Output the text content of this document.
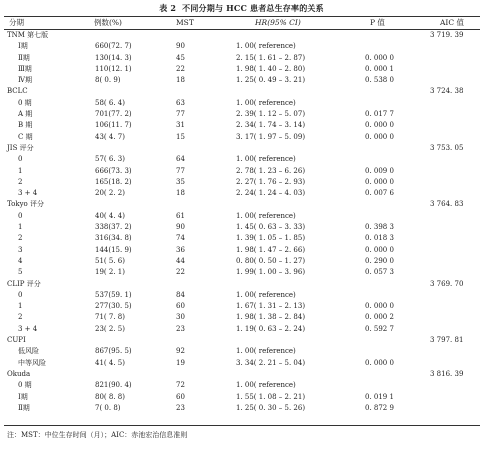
表 2 不同分期与 HCC 患者总生存率的关系
分期	例数(%)	MST	HR(95% CI)	P 值	AIC 值
TNM 第七版	3 719. 39
Ⅰ期	660(72. 7)	90	1. 00( reference)
Ⅱ期	130(14. 3)	45	2. 15( 1. 61 – 2. 87)	0. 000 0
Ⅲ期	110(12. 1)	22	1. 98( 1. 40 – 2. 80)	0. 000 1
Ⅳ期	8( 0. 9)	18	1. 25( 0. 49 – 3. 21)	0. 538 0
BCLC	3 724. 38
0 期	58( 6. 4)	63	1. 00( reference)
A 期	701(77. 2)	77	2. 39( 1. 12 – 5. 07)	0. 017 7
B 期	106(11. 7)	31	2. 34( 1. 74 – 3. 14)	0. 000 0
C 期	43( 4. 7)	15	3. 17( 1. 97 – 5. 09)	0. 000 0
JIS 评分	3 753. 05
0	57( 6. 3)	64	1. 00( reference)
1	666(73. 3)	77	2. 78( 1. 23 – 6. 26)	0. 009 0
2	165(18. 2)	35	2. 27( 1. 76 – 2. 93)	0. 000 0
3 + 4	20( 2. 2)	18	2. 24( 1. 24 – 4. 03)	0. 007 6
Tokyo 评分	3 764. 83
0	40( 4. 4)	61	1. 00( reference)
1	338(37. 2)	90	1. 45( 0. 63 – 3. 33)	0. 398 3
2	316(34. 8)	74	1. 39( 1. 05 – 1. 85)	0. 018 3
3	144(15. 9)	36	1. 98( 1. 47 – 2. 66)	0. 000 0
4	51( 5. 6)	44	0. 80( 0. 50 – 1. 27)	0. 290 0
5	19( 2. 1)	22	1. 99( 1. 00 – 3. 96)	0. 057 3
CLIP 评分	3 769. 70
0	537(59. 1)	84	1. 00( reference)
1	277(30. 5)	60	1. 67( 1. 31 – 2. 13)	0. 000 0
2	71( 7. 8)	30	1. 98( 1. 38 – 2. 84)	0. 000 2
3 + 4	23( 2. 5)	23	1. 19( 0. 63 – 2. 24)	0. 592 7
CUPI	3 797. 81
低风险	867(95. 5)	92	1. 00( reference)
中等风险	41( 4. 5)	19	3. 34( 2. 21 – 5. 04)	0. 000 0
Okuda	3 816. 39
0 期	821(90. 4)	72	1. 00( reference)
Ⅰ期	80( 8. 8)	60	1. 55( 1. 08 – 2. 21)	0. 019 1
Ⅱ期	7( 0. 8)	23	1. 25( 0. 30 – 5. 26)	0. 872 9
注：MST：中位生存时间（月）；AIC：赤池宏治信息准则
